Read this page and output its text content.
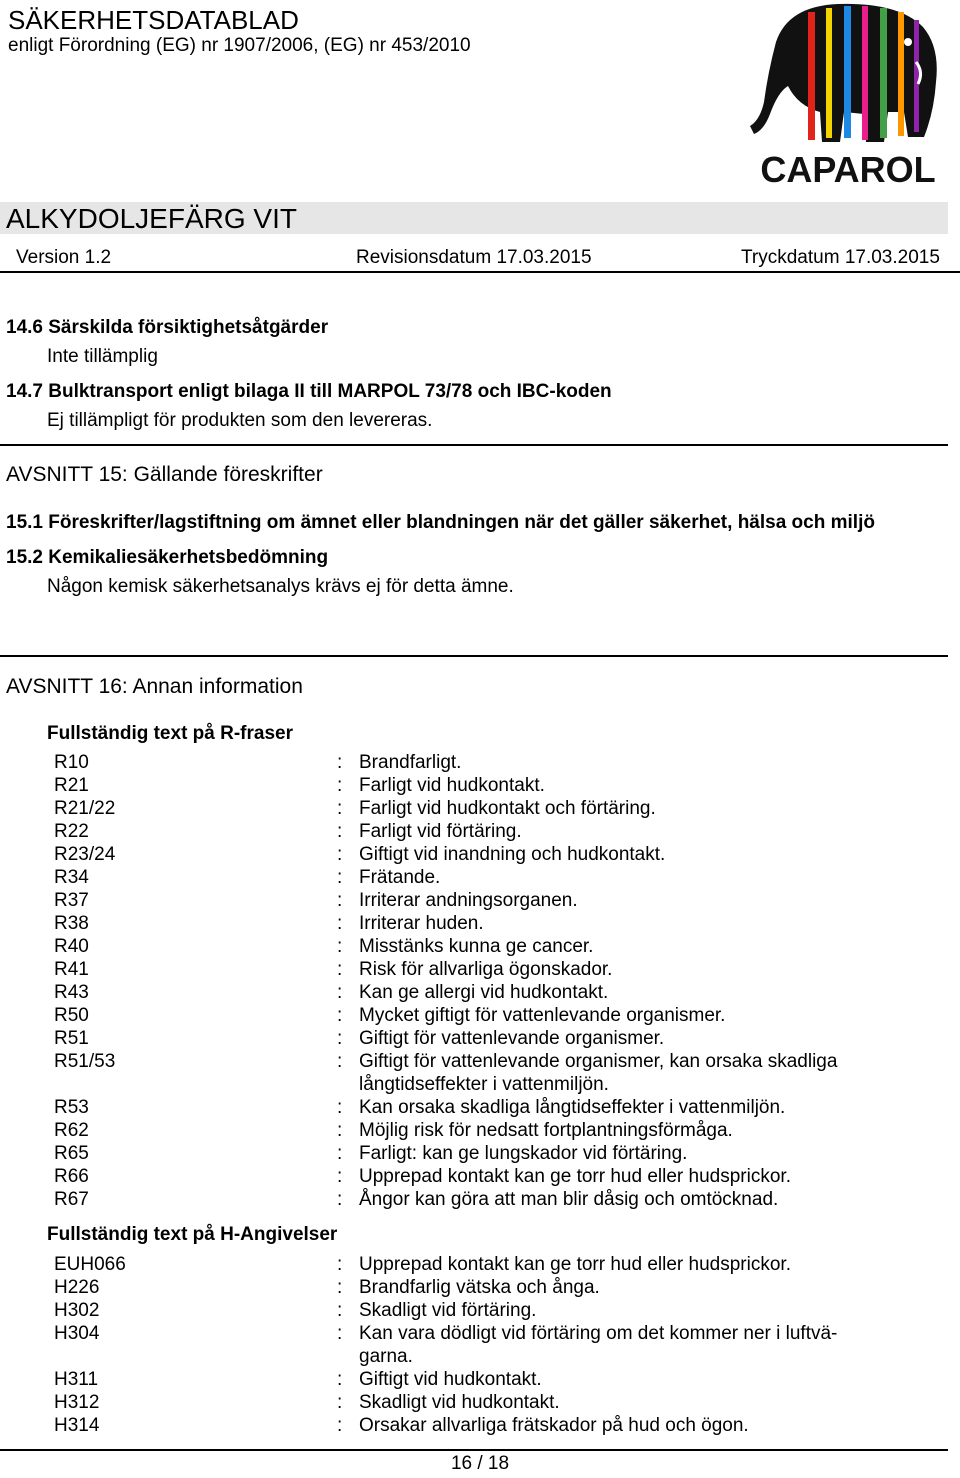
SÄKERHETSDATABLAD
enligt Förordning (EG) nr 1907/2006, (EG) nr 453/2010
CAPAROL
ALKYDOLJEFÄRG VIT
Version 1.2	Revisionsdatum 17.03.2015	Tryckdatum 17.03.2015
14.6 Särskilda försiktighetsåtgärder
Inte tillämplig
14.7 Bulktransport enligt bilaga II till MARPOL 73/78 och IBC-koden
Ej tillämpligt för produkten som den levereras.
AVSNITT 15: Gällande föreskrifter
15.1 Föreskrifter/lagstiftning om ämnet eller blandningen när det gäller säkerhet, hälsa och miljö
15.2 Kemikaliesäkerhetsbedömning
Någon kemisk säkerhetsanalys krävs ej för detta ämne.
AVSNITT 16: Annan information
Fullständig text på R-fraser
R10	: Brandfarligt.
R21	: Farligt vid hudkontakt.
R21/22	: Farligt vid hudkontakt och förtäring.
R22	: Farligt vid förtäring.
R23/24	: Giftigt vid inandning och hudkontakt.
R34	: Frätande.
R37	: Irriterar andningsorganen.
R38	: Irriterar huden.
R40	: Misstänks kunna ge cancer.
R41	: Risk för allvarliga ögonskador.
R43	: Kan ge allergi vid hudkontakt.
R50	: Mycket giftigt för vattenlevande organismer.
R51	: Giftigt för vattenlevande organismer.
R51/53	: Giftigt för vattenlevande organismer, kan orsaka skadliga långtidseffekter i vattenmiljön.
R53	: Kan orsaka skadliga långtidseffekter i vattenmiljön.
R62	: Möjlig risk för nedsatt fortplantningsförmåga.
R65	: Farligt: kan ge lungskador vid förtäring.
R66	: Upprepad kontakt kan ge torr hud eller hudsprickor.
R67	: Ångor kan göra att man blir dåsig och omtöcknad.
Fullständig text på H-Angivelser
EUH066	: Upprepad kontakt kan ge torr hud eller hudsprickor.
H226	: Brandfarlig vätska och ånga.
H302	: Skadligt vid förtäring.
H304	: Kan vara dödligt vid förtäring om det kommer ner i luftvä-garna.
H311	: Giftigt vid hudkontakt.
H312	: Skadligt vid hudkontakt.
H314	: Orsakar allvarliga frätskador på hud och ögon.
16 / 18
